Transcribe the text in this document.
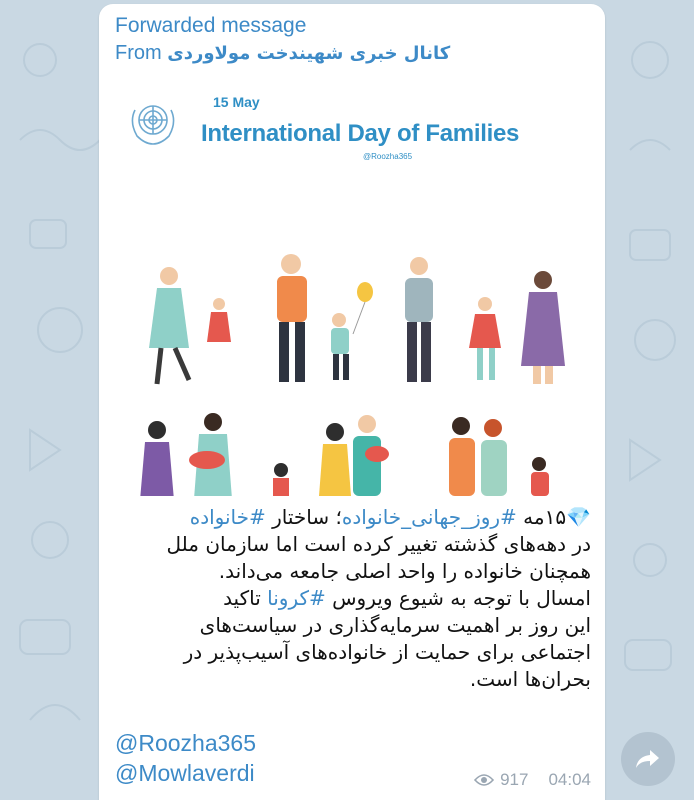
Forwarded message
From کانال خبری شهیندخت مولاوردی
15 May
International Day of Families
@Roozha365
💎۱۵مه #روز_جهانی_خانواده؛ ساختار #خانواده
در دهه‌های گذشته تغییر کرده است اما سازمان ملل
همچنان خانواده را واحد اصلی جامعه می‌داند.
امسال با توجه به شیوع ویروس #کرونا تاکید
این روز بر اهمیت سرمایه‌گذاری در سیاست‌های
اجتماعی برای حمایت از خانواده‌های آسیب‌پذیر در
بحران‌ها است.
@Roozha365
@Mowlaverdi	917 04:04
